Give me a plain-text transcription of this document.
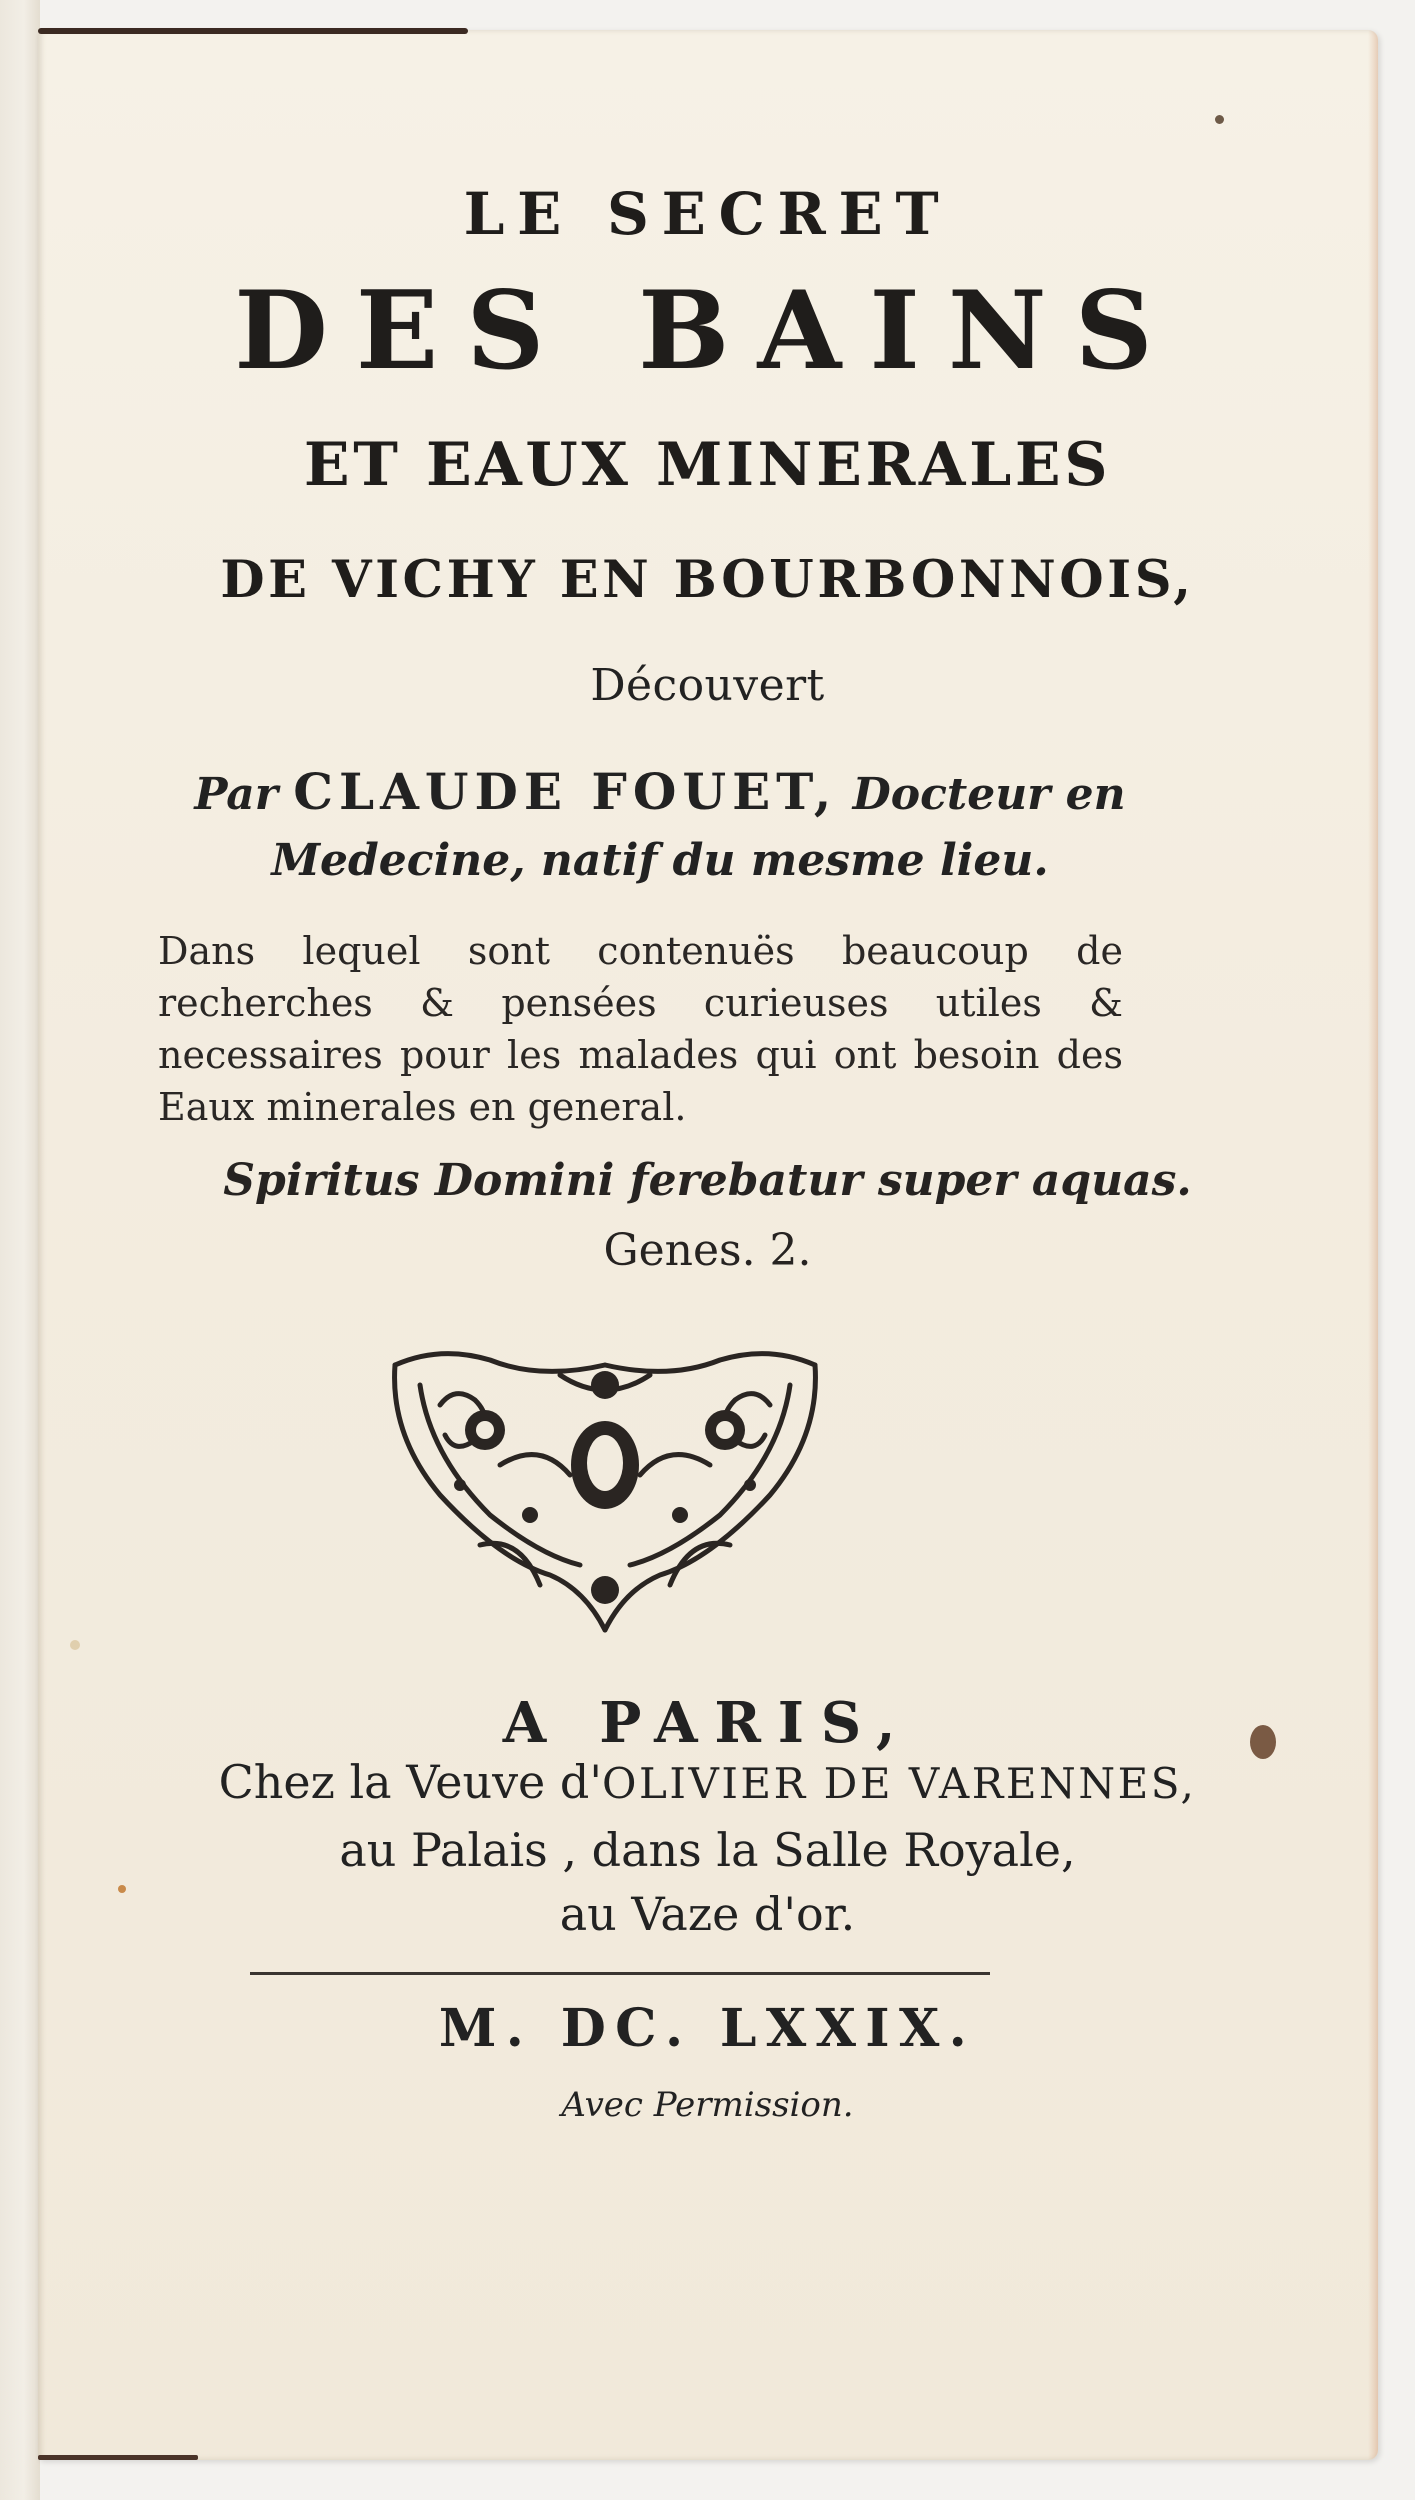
LE SECRET
DES BAINS
ET EAUX MINERALES
DE VICHY EN BOURBONNOIS,
Découvert
Par CLAUDE FOUET, Docteur en
Medecine, natif du mesme lieu.
Dans lequel sont contenuës beaucoup de recherches & pensées curieuses utiles & necessaires pour les malades qui ont besoin des Eaux minerales en general.
Spiritus Domini ferebatur super aquas.
Genes. 2.
A PARIS,
Chez la Veuve d'OLIVIER DE VARENNES,
au Palais , dans la Salle Royale,
au Vaze d'or.
M. DC. LXXIX.
Avec Permission.
